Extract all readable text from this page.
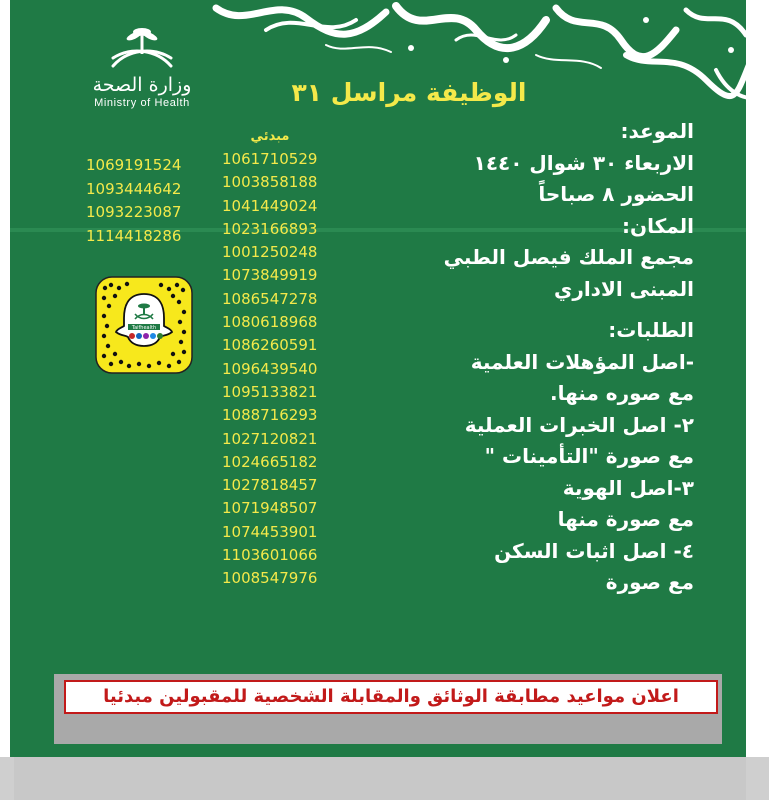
وزارة الصحة
Ministry of Health	الوظيفة مراسل ٣١
الموعد:
الاربعاء ٣٠ شوال ١٤٤٠
الحضور ٨ صباحاً
المكان:
مجمع الملك فيصل الطبي
المبنى الاداري
الطلبات:
-اصل المؤهلات العلمية
مع صوره منها.
٢- اصل الخبرات العملية
مع صورة "التأمينات "
٣-اصل الهوية
مع صورة منها
٤- اصل اثبات السكن
مع صورة
1069191524
1093444642
1093223087
1114418286
مبدئي
1061710529
1003858188
1041449024
1023166893
1001250248
1073849919
1086547278
1080618968
1086260591
1096439540
1095133821
1088716293
1027120821
1024665182
1027818457
1071948507
1074453901
1103601066
1008547976
Taifhealth
اعلان مواعيد مطابقة الوثائق والمقابلة الشخصية للمقبولين مبدئيا
